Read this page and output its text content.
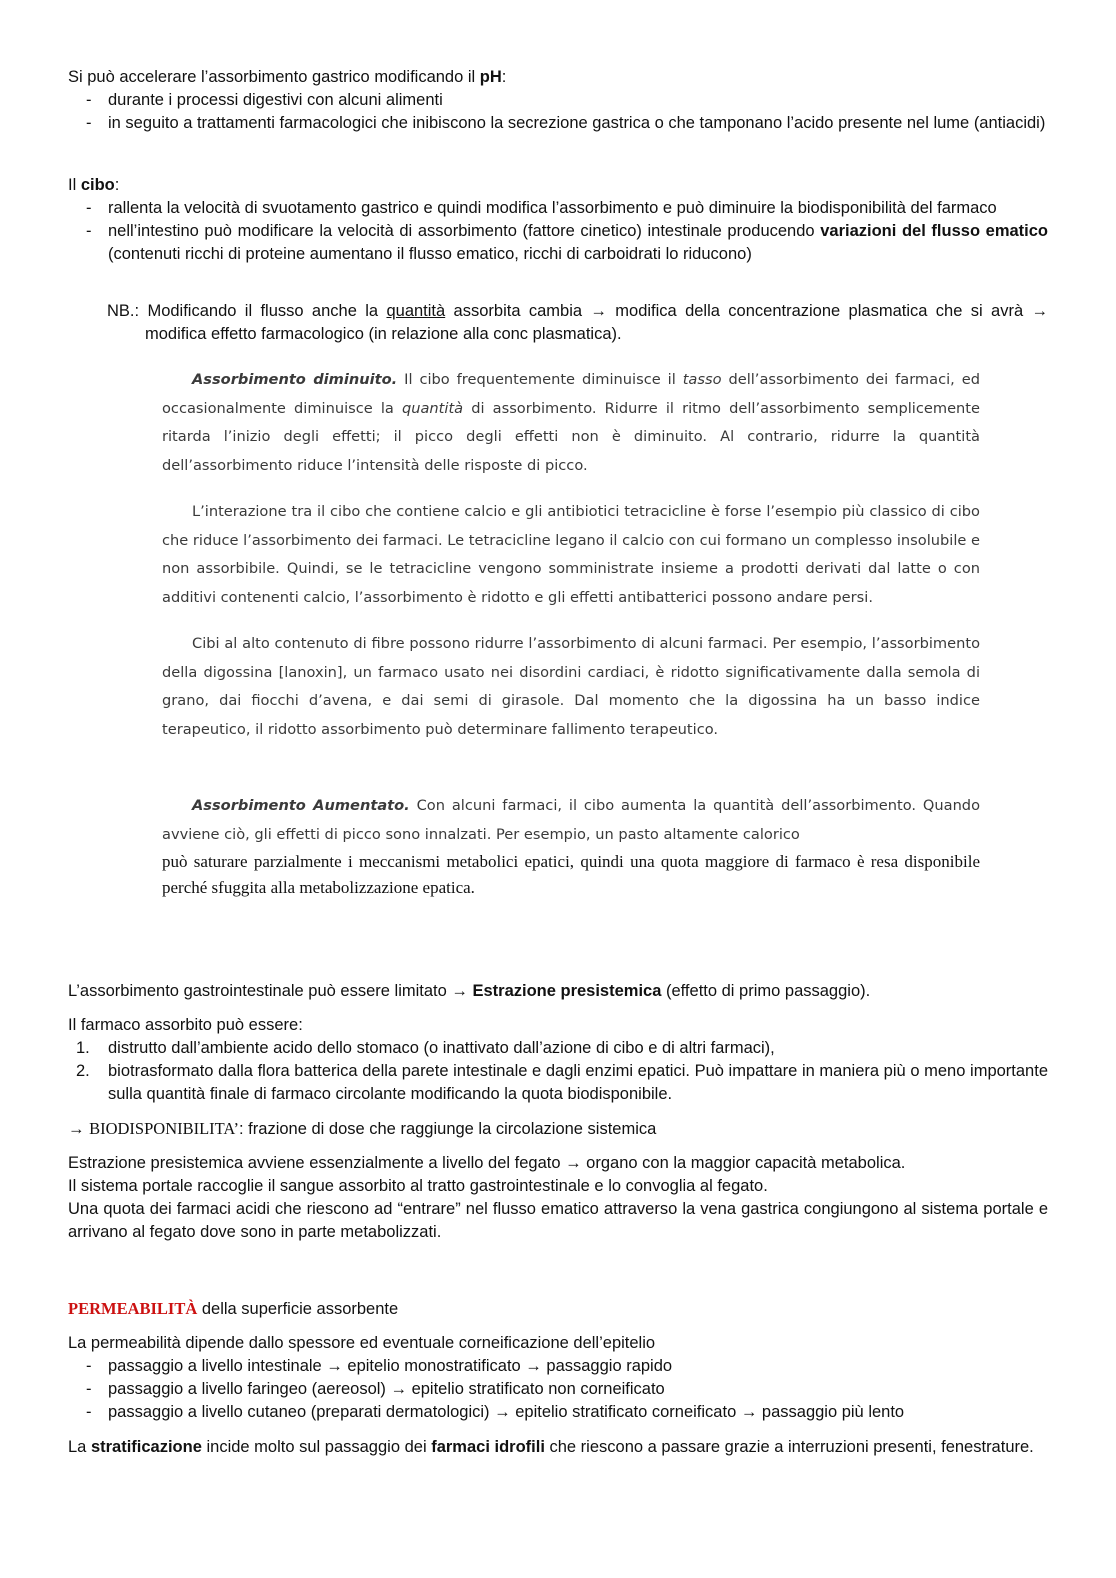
Si può accelerare l’assorbimento gastrico modificando il pH:

- durante i processi digestivi con alcuni alimenti
- in seguito a trattamenti farmacologici che inibiscono la secrezione gastrica o che tamponano l’acido presente nel lume (antiacidi)

Il cibo:

- rallenta la velocità di svuotamento gastrico e quindi modifica l’assorbimento e può diminuire la biodisponibilità del farmaco
- nell’intestino può modificare la velocità di assorbimento (fattore cinetico) intestinale producendo variazioni del flusso ematico (contenuti ricchi di proteine aumentano il flusso ematico, ricchi di carboidrati lo riducono)

NB.: Modificando il flusso anche la quantità assorbita cambia → modifica della concentrazione plasmatica che si avrà → modifica effetto farmacologico (in relazione alla conc plasmatica).

Assorbimento diminuito. Il cibo frequentemente diminuisce il tasso dell’assorbimento dei farmaci, ed occasionalmente diminuisce la quantità di assorbimento. Ridurre il ritmo dell’assorbimento semplicemente ritarda l’inizio degli effetti; il picco degli effetti non è diminuito. Al contrario, ridurre la quantità dell’assorbimento riduce l’intensità delle risposte di picco.

L’interazione tra il cibo che contiene calcio e gli antibiotici tetracicline è forse l’esempio più classico di cibo che riduce l’assorbimento dei farmaci. Le tetracicline legano il calcio con cui formano un complesso insolubile e non assorbibile. Quindi, se le tetracicline vengono somministrate insieme a prodotti derivati dal latte o con additivi contenenti calcio, l’assorbimento è ridotto e gli effetti antibatterici possono andare persi.

Cibi al alto contenuto di fibre possono ridurre l’assorbimento di alcuni farmaci. Per esempio, l’assorbimento della digossina [lanoxin], un farmaco usato nei disordini cardiaci, è ridotto significativamente dalla semola di grano, dai fiocchi d’avena, e dai semi di girasole. Dal momento che la digossina ha un basso indice terapeutico, il ridotto assorbimento può determinare fallimento terapeutico.

Assorbimento Aumentato. Con alcuni farmaci, il cibo aumenta la quantità dell’assorbimento. Quando avviene ciò, gli effetti di picco sono innalzati. Per esempio, un pasto altamente calorico

può saturare parzialmente i meccanismi metabolici epatici, quindi una quota maggiore di farmaco è resa disponibile perché sfuggita alla metabolizzazione epatica.

L’assorbimento gastrointestinale può essere limitato → Estrazione presistemica (effetto di primo passaggio).

Il farmaco assorbito può essere:

1. distrutto dall’ambiente acido dello stomaco (o inattivato dall’azione di cibo e di altri farmaci),
2. biotrasformato dalla flora batterica della parete intestinale e dagli enzimi epatici. Può impattare in maniera più o meno importante sulla quantità finale di farmaco circolante modificando la quota biodisponibile.

→ BIODISPONIBILITA’: frazione di dose che raggiunge la circolazione sistemica

Estrazione presistemica avviene essenzialmente a livello del fegato → organo con la maggior capacità metabolica.

Il sistema portale raccoglie il sangue assorbito al tratto gastrointestinale e lo convoglia al fegato.

Una quota dei farmaci acidi che riescono ad “entrare” nel flusso ematico attraverso la vena gastrica congiungono al sistema portale e arrivano al fegato dove sono in parte metabolizzati.

PERMEABILITÀ della superficie assorbente

La permeabilità dipende dallo spessore ed eventuale corneificazione dell’epitelio

- passaggio a livello intestinale → epitelio monostratificato → passaggio rapido
- passaggio a livello faringeo (aereosol) → epitelio stratificato non corneificato
- passaggio a livello cutaneo (preparati dermatologici) → epitelio stratificato corneificato → passaggio più lento

La stratificazione incide molto sul passaggio dei farmaci idrofili che riescono a passare grazie a interruzioni presenti, fenestrature.
